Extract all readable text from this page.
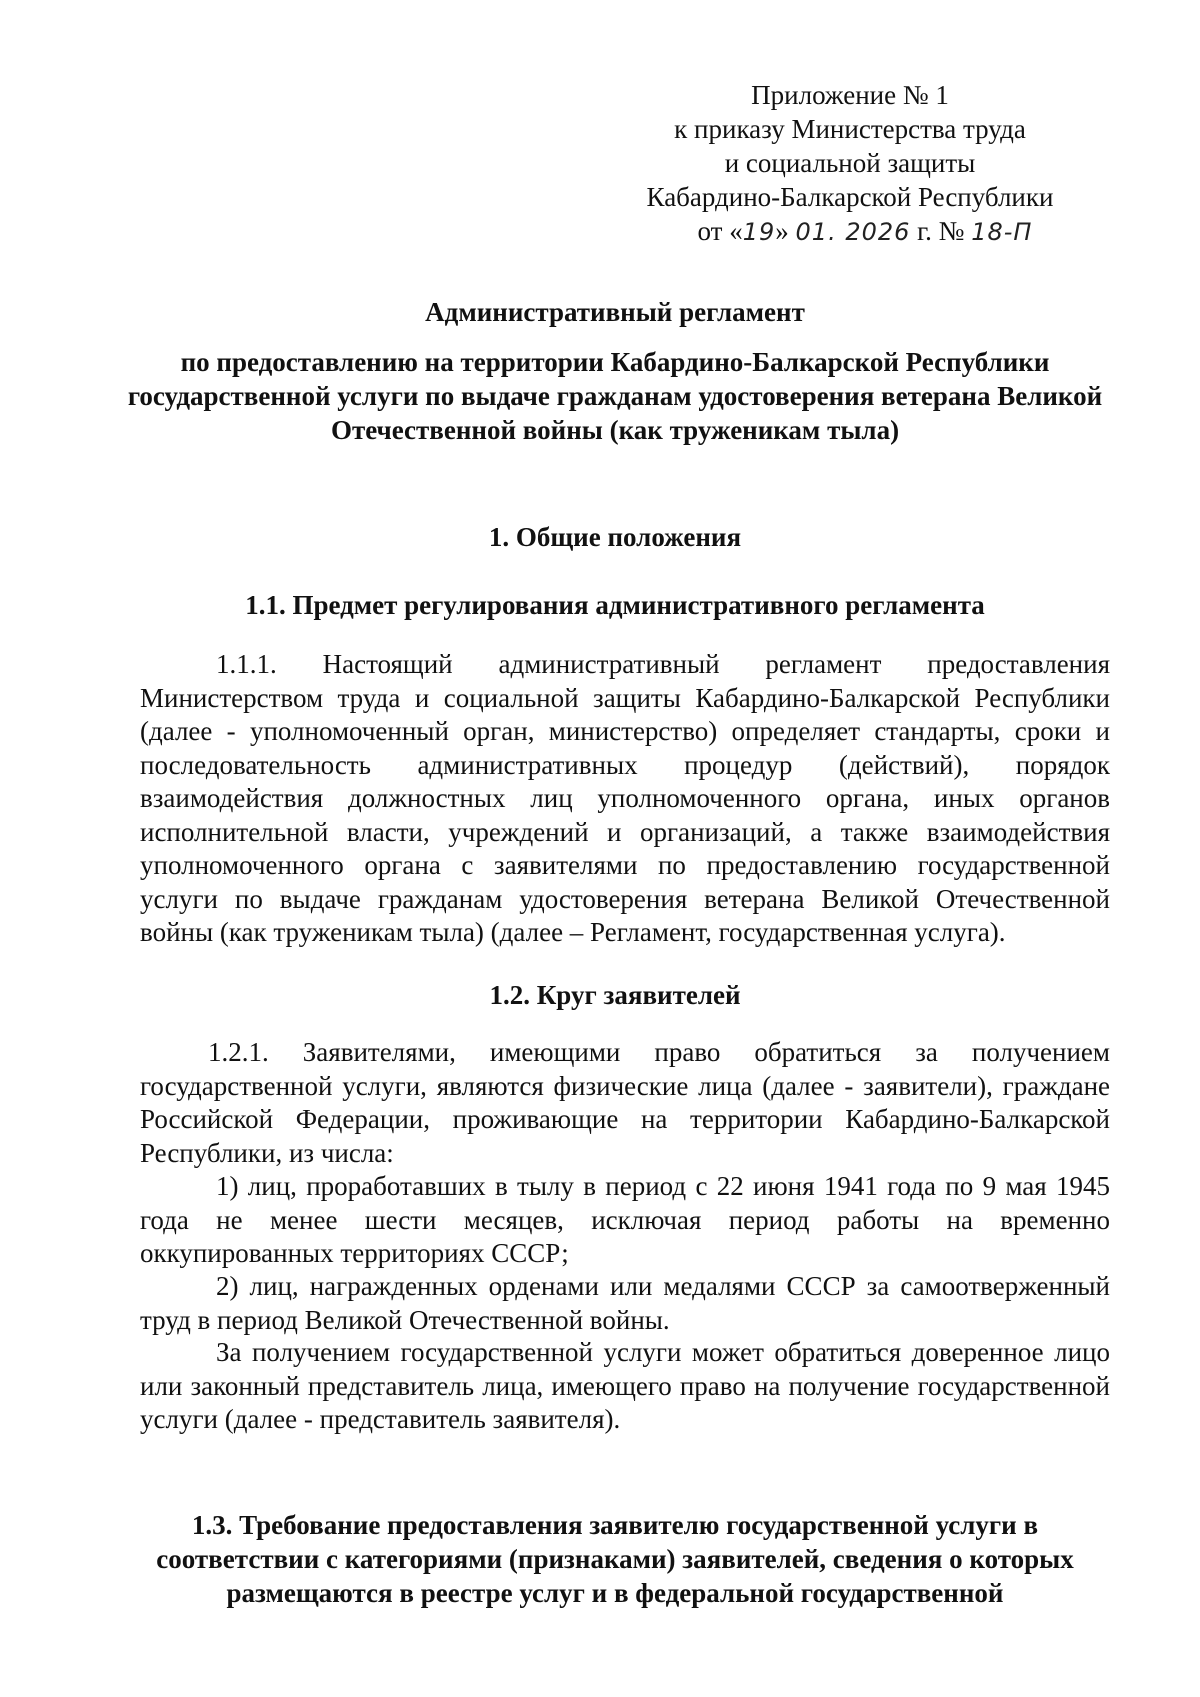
Приложение № 1
к приказу Министерства труда
и социальной защиты
Кабардино-Балкарской Республики
от «19» 01. 2026 г. № 18-П
Административный регламент
по предоставлению на территории Кабардино-Балкарской Республики государственной услуги по выдаче гражданам удостоверения ветерана Великой Отечественной войны (как труженикам тыла)
1. Общие положения
1.1. Предмет регулирования административного регламента
1.1.1. Настоящий административный регламент предоставления Министерством труда и социальной защиты Кабардино-Балкарской Республики (далее - уполномоченный орган, министерство) определяет стандарты, сроки и последовательность административных процедур (действий), порядок взаимодействия должностных лиц уполномоченного органа, иных органов исполнительной власти, учреждений и организаций, а также взаимодействия уполномоченного органа с заявителями по предоставлению государственной услуги по выдаче гражданам удостоверения ветерана Великой Отечественной войны (как труженикам тыла) (далее – Регламент, государственная услуга).
1.2. Круг заявителей
1.2.1. Заявителями, имеющими право обратиться за получением государственной услуги, являются физические лица (далее - заявители), граждане Российской Федерации, проживающие на территории Кабардино-Балкарской Республики, из числа:
1) лиц, проработавших в тылу в период с 22 июня 1941 года по 9 мая 1945 года не менее шести месяцев, исключая период работы на временно оккупированных территориях СССР;
2) лиц, награжденных орденами или медалями СССР за самоотверженный труд в период Великой Отечественной войны.
За получением государственной услуги может обратиться доверенное лицо или законный представитель лица, имеющего право на получение государственной услуги (далее - представитель заявителя).
1.3. Требование предоставления заявителю государственной услуги в соответствии с категориями (признаками) заявителей, сведения о которых размещаются в реестре услуг и в федеральной государственной
